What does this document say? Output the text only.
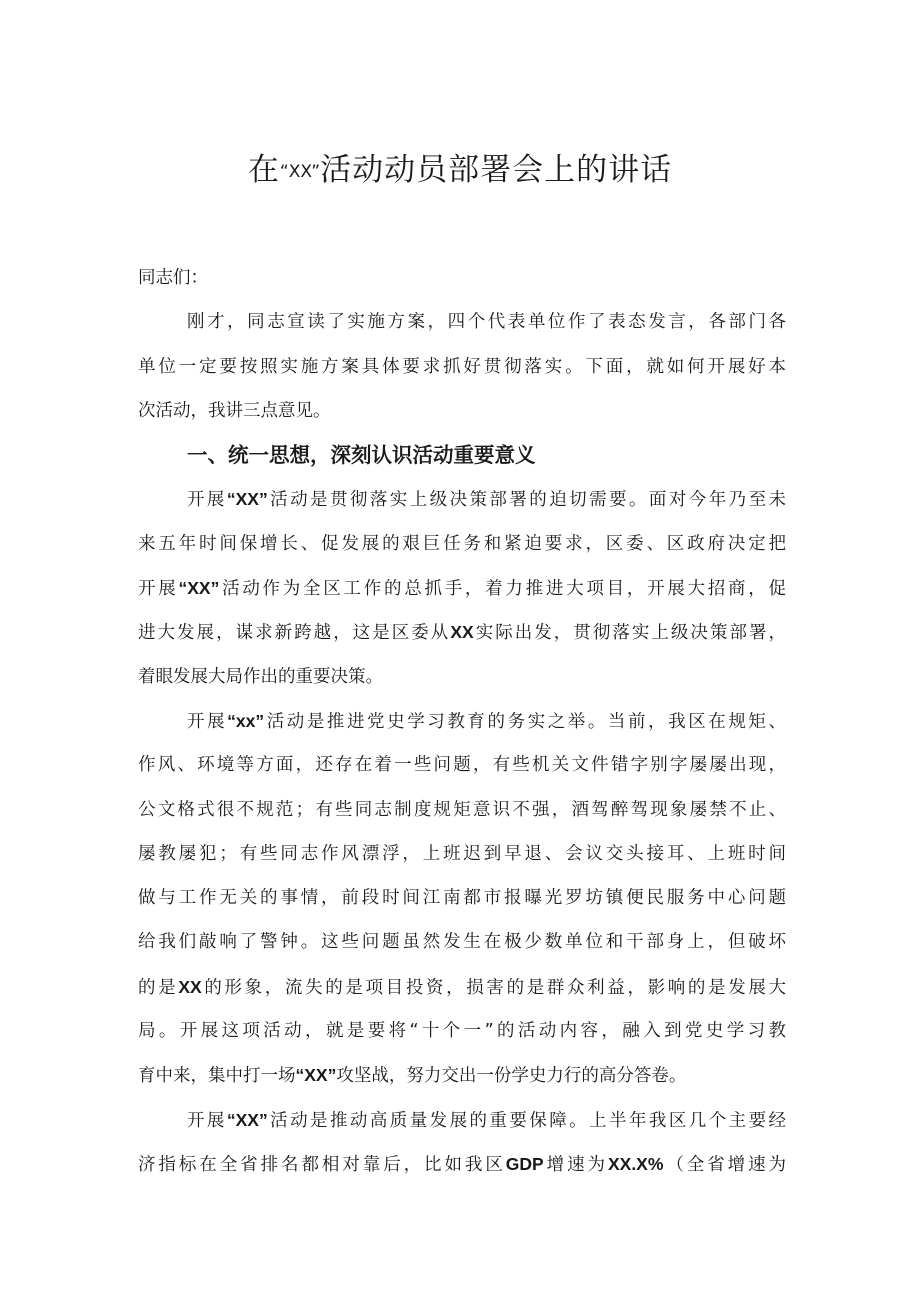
在“XX”活动动员部署会上的讲话
同志们：
刚才，同志宣读了实施方案，四个代表单位作了表态发言，各部门各
单位一定要按照实施方案具体要求抓好贯彻落实。下面，就如何开展好本
次活动，我讲三点意见。
一、统一思想，深刻认识活动重要意义
开展“XX”活动是贯彻落实上级决策部署的迫切需要。面对今年乃至未
来五年时间保增长、促发展的艰巨任务和紧迫要求，区委、区政府决定把
开展“XX”活动作为全区工作的总抓手，着力推进大项目，开展大招商，促
进大发展，谋求新跨越，这是区委从XX实际出发，贯彻落实上级决策部署，
着眼发展大局作出的重要决策。
开展“xx”活动是推进党史学习教育的务实之举。当前，我区在规矩、
作风、环境等方面，还存在着一些问题，有些机关文件错字别字屡屡出现，
公文格式很不规范；有些同志制度规矩意识不强，酒驾醉驾现象屡禁不止、
屡教屡犯；有些同志作风漂浮，上班迟到早退、会议交头接耳、上班时间
做与工作无关的事情，前段时间江南都市报曝光罗坊镇便民服务中心问题
给我们敲响了警钟。这些问题虽然发生在极少数单位和干部身上，但破坏
的是XX的形象，流失的是项目投资，损害的是群众利益，影响的是发展大
局。开展这项活动，就是要将“十个一”的活动内容，融入到党史学习教
育中来，集中打一场“XX”攻坚战，努力交出一份学史力行的高分答卷。
开展“XX”活动是推动高质量发展的重要保障。上半年我区几个主要经
济指标在全省排名都相对靠后，比如我区GDP增速为XX.X%（全省增速为
